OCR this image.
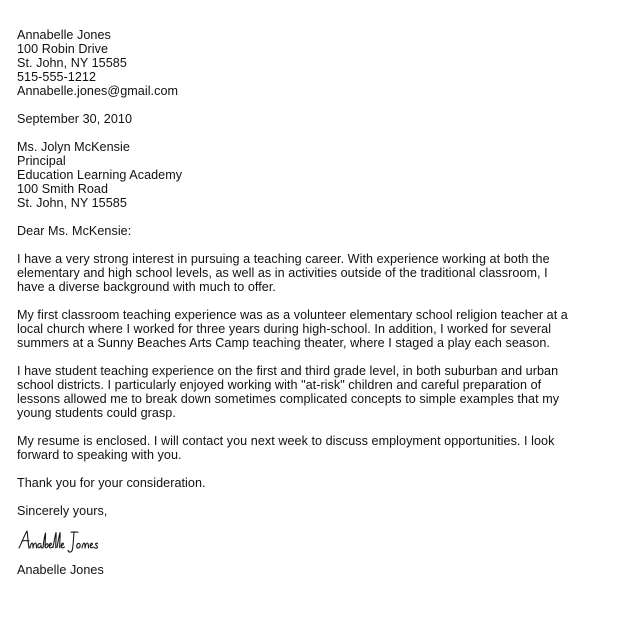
Annabelle Jones
100 Robin Drive
St. John, NY 15585
515-555-1212
Annabelle.jones@gmail.com
September 30, 2010
Ms. Jolyn McKensie
Principal
Education Learning Academy
100 Smith Road
St. John, NY 15585
Dear Ms. McKensie:
I have a very strong interest in pursuing a teaching career. With experience working at both the
elementary and high school levels, as well as in activities outside of the traditional classroom, I
have a diverse background with much to offer.
My first classroom teaching experience was as a volunteer elementary school religion teacher at a
local church where I worked for three years during high-school. In addition, I worked for several
summers at a Sunny Beaches Arts Camp teaching theater, where I staged a play each season.
I have student teaching experience on the first and third grade level, in both suburban and urban
school districts. I particularly enjoyed working with "at-risk" children and careful preparation of
lessons allowed me to break down sometimes complicated concepts to simple examples that my
young students could grasp.
My resume is enclosed. I will contact you next week to discuss employment opportunities. I look
forward to speaking with you.
Thank you for your consideration.
Sincerely yours,
Anabelle Jones
